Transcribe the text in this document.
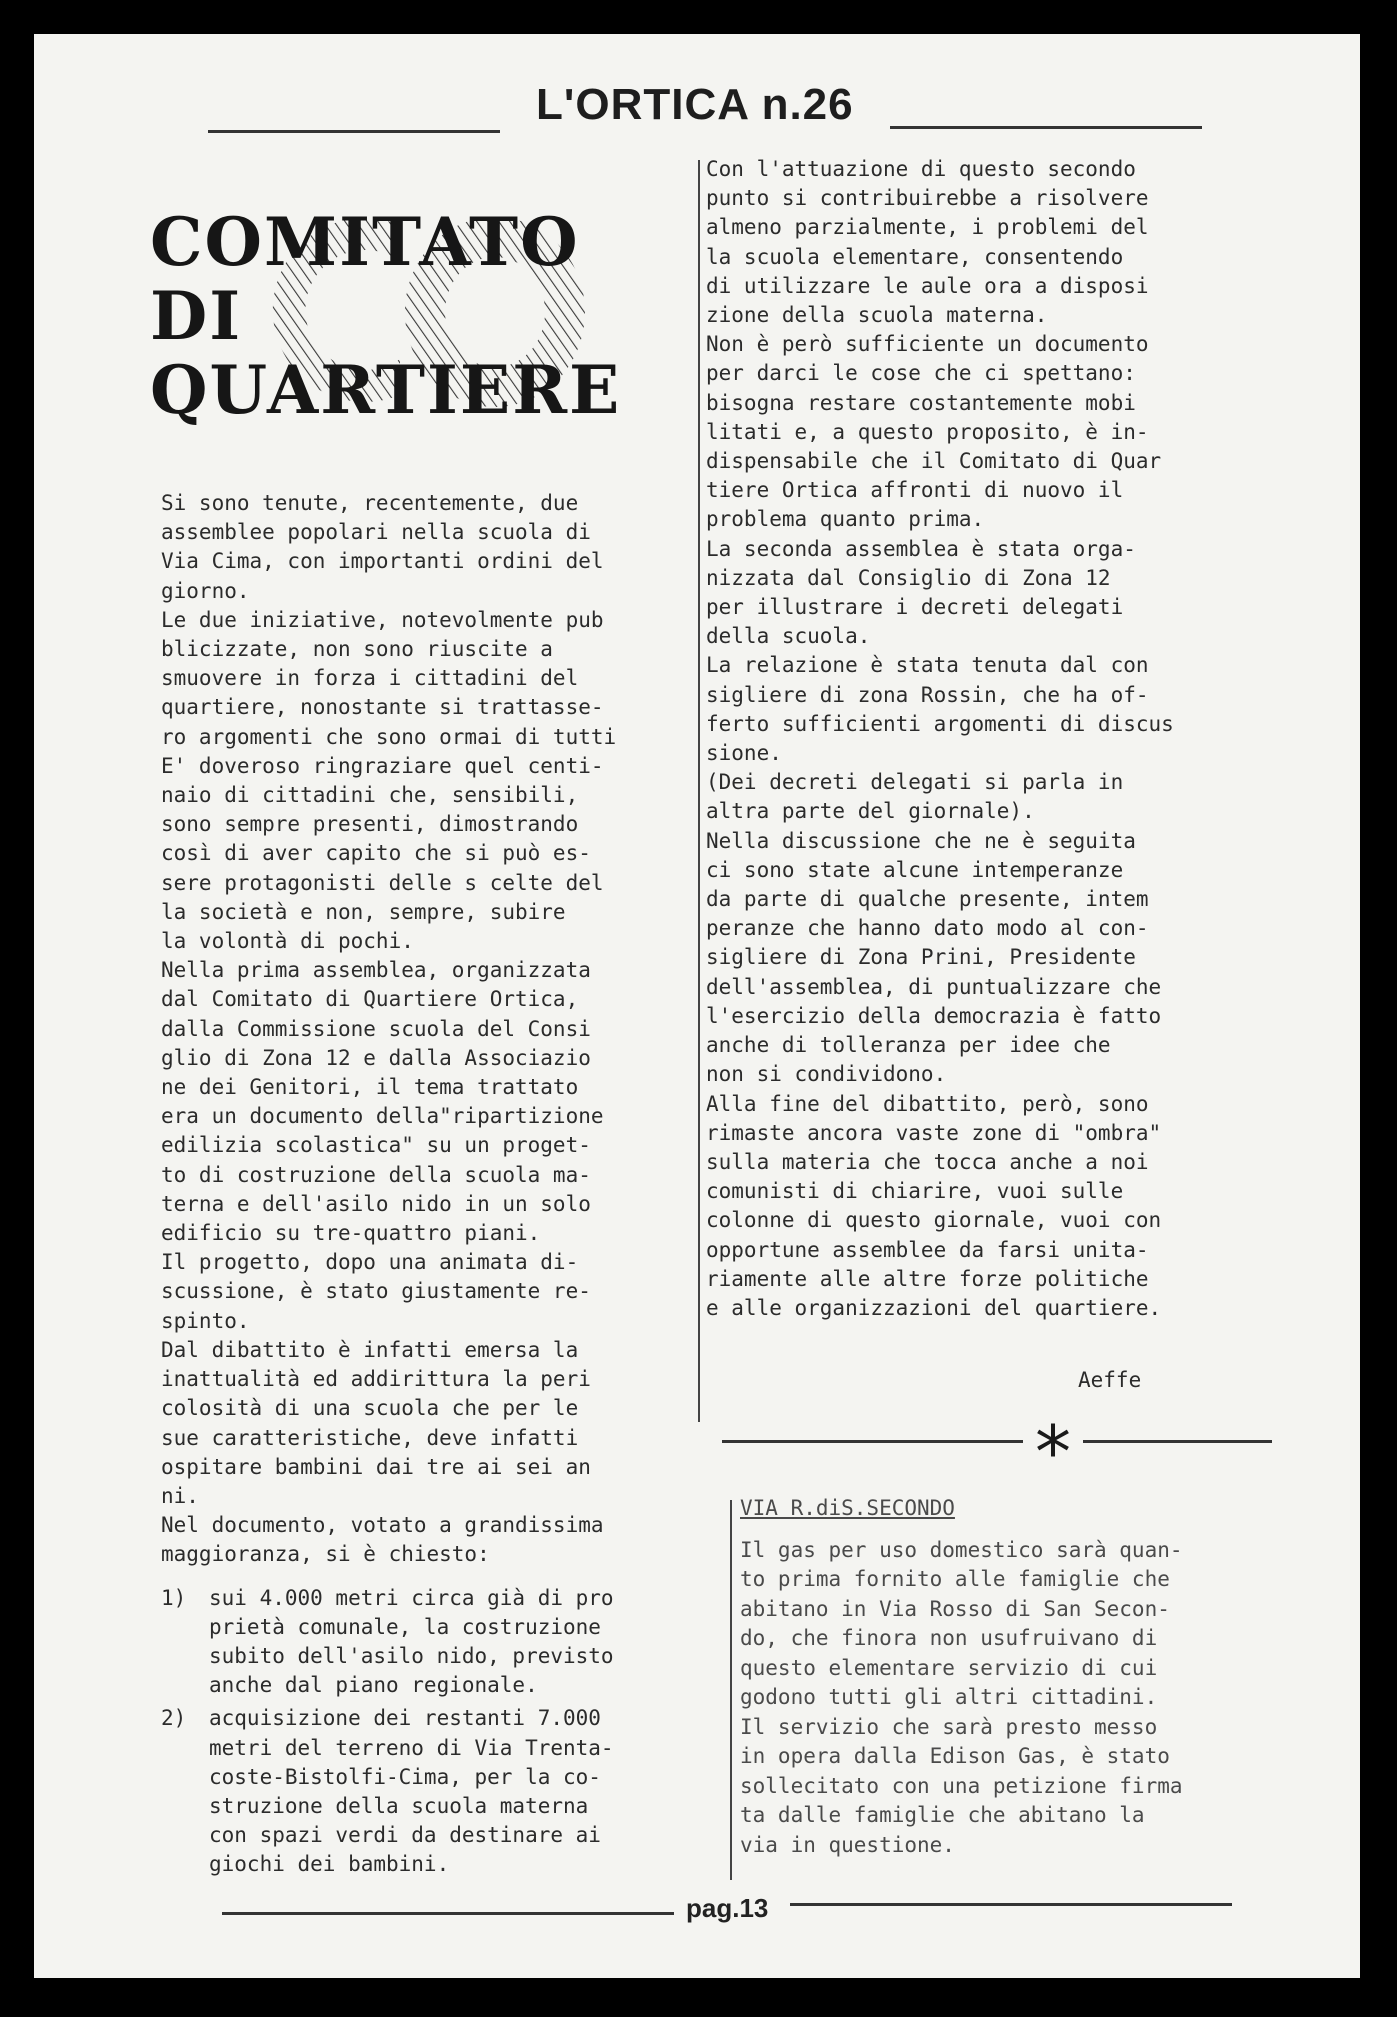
L'ORTICA n.26
COMITATO
DI
QUARTIERE

Si sono tenute, recentemente, due
assemblee popolari nella scuola di
Via Cima, con importanti ordini del
giorno.

Le due iniziative, notevolmente pub
blicizzate, non sono riuscite a
smuovere in forza i cittadini del
quartiere, nonostante si trattasse-
ro argomenti che sono ormai di tutti

E' doveroso ringraziare quel centi-
naio di cittadini che, sensibili,
sono sempre presenti, dimostrando
così di aver capito che si può es-
sere protagonisti delle s celte del
la società e non, sempre, subire
la volontà di pochi.

Nella prima assemblea, organizzata
dal Comitato di Quartiere Ortica,
dalla Commissione scuola del Consi
glio di Zona 12 e dalla Associazio
ne dei Genitori, il tema trattato
era un documento della"ripartizione
edilizia scolastica" su un proget-
to di costruzione della scuola ma-
terna e dell'asilo nido in un solo
edificio su tre-quattro piani.

Il progetto, dopo una animata di-
scussione, è stato giustamente re-
spinto.

Dal dibattito è infatti emersa la
inattualità ed addirittura la peri
colosità di una scuola che per le
sue caratteristiche, deve infatti
ospitare bambini dai tre ai sei an
ni.

Nel documento, votato a grandissima
maggioranza, si è chiesto:

1)	sui 4.000 metri circa già di pro
prietà comunale, la costruzione
subito dell'asilo nido, previsto
anche dal piano regionale.
2)	acquisizione dei restanti 7.000
metri del terreno di Via Trenta-
coste-Bistolfi-Cima, per la co-
struzione della scuola materna
con spazi verdi da destinare ai
giochi dei bambini.

Con l'attuazione di questo secondo
punto si contribuirebbe a risolvere
almeno parzialmente, i problemi del
la scuola elementare, consentendo
di utilizzare le aule ora a disposi
zione della scuola materna.

Non è però sufficiente un documento
per darci le cose che ci spettano:
bisogna restare costantemente mobi
litati e, a questo proposito, è in-
dispensabile che il Comitato di Quar
tiere Ortica affronti di nuovo il
problema quanto prima.

La seconda assemblea è stata orga-
nizzata dal Consiglio di Zona 12
per illustrare i decreti delegati
della scuola.

La relazione è stata tenuta dal con
sigliere di zona Rossin, che ha of-
ferto sufficienti argomenti di discus
sione.

(Dei decreti delegati si parla in
altra parte del giornale).

Nella discussione che ne è seguita
ci sono state alcune intemperanze
da parte di qualche presente, intem
peranze che hanno dato modo al con-
sigliere di Zona Prini, Presidente
dell'assemblea, di puntualizzare che
l'esercizio della democrazia è fatto
anche di tolleranza per idee che
non si condividono.

Alla fine del dibattito, però, sono
rimaste ancora vaste zone di "ombra"
sulla materia che tocca anche a noi
comunisti di chiarire, vuoi sulle
colonne di questo giornale, vuoi con
opportune assemblee da farsi unita-
riamente alle altre forze politiche
e alle organizzazioni del quartiere.

Aeffe
*
VIA R.diS.SECONDO

Il gas per uso domestico sarà quan-
to prima fornito alle famiglie che
abitano in Via Rosso di San Secon-
do, che finora non usufruivano di
questo elementare servizio di cui
godono tutti gli altri cittadini.
Il servizio che sarà presto messo
in opera dalla Edison Gas, è stato
sollecitato con una petizione firma
ta dalle famiglie che abitano la
via in questione.

pag.13
